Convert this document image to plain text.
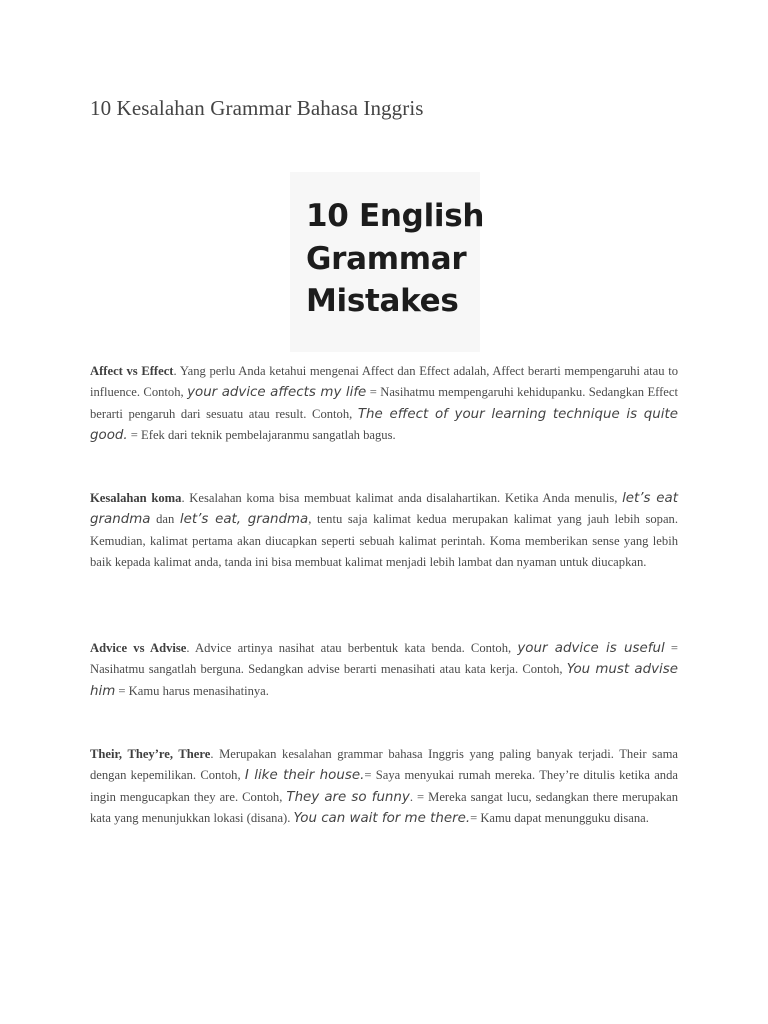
10 Kesalahan Grammar Bahasa Inggris
10 English
Grammar
Mistakes

Affect vs Effect. Yang perlu Anda ketahui mengenai Affect dan Effect adalah, Affect berarti mempengaruhi atau to influence. Contoh, your advice affects my life = Nasihatmu mempengaruhi kehidupanku. Sedangkan Effect berarti pengaruh dari sesuatu atau result. Contoh, The effect of your learning technique is quite good. = Efek dari teknik pembelajaranmu sangatlah bagus.

Kesalahan koma. Kesalahan koma bisa membuat kalimat anda disalahartikan. Ketika Anda menulis, let’s eat grandma dan let’s eat, grandma, tentu saja kalimat kedua merupakan kalimat yang jauh lebih sopan. Kemudian, kalimat pertama akan diucapkan seperti sebuah kalimat perintah. Koma memberikan sense yang lebih baik kepada kalimat anda, tanda ini bisa membuat kalimat menjadi lebih lambat dan nyaman untuk diucapkan.

Advice vs Advise. Advice artinya nasihat atau berbentuk kata benda. Contoh, your advice is useful = Nasihatmu sangatlah berguna. Sedangkan advise berarti menasihati atau kata kerja. Contoh, You must advise him = Kamu harus menasihatinya.

Their, They’re, There. Merupakan kesalahan grammar bahasa Inggris yang paling banyak terjadi. Their sama dengan kepemilikan. Contoh, I like their house.= Saya menyukai rumah mereka. They’re ditulis ketika anda ingin mengucapkan they are. Contoh, They are so funny. = Mereka sangat lucu, sedangkan there merupakan kata yang menunjukkan lokasi (disana). You can wait for me there.= Kamu dapat menungguku disana.
